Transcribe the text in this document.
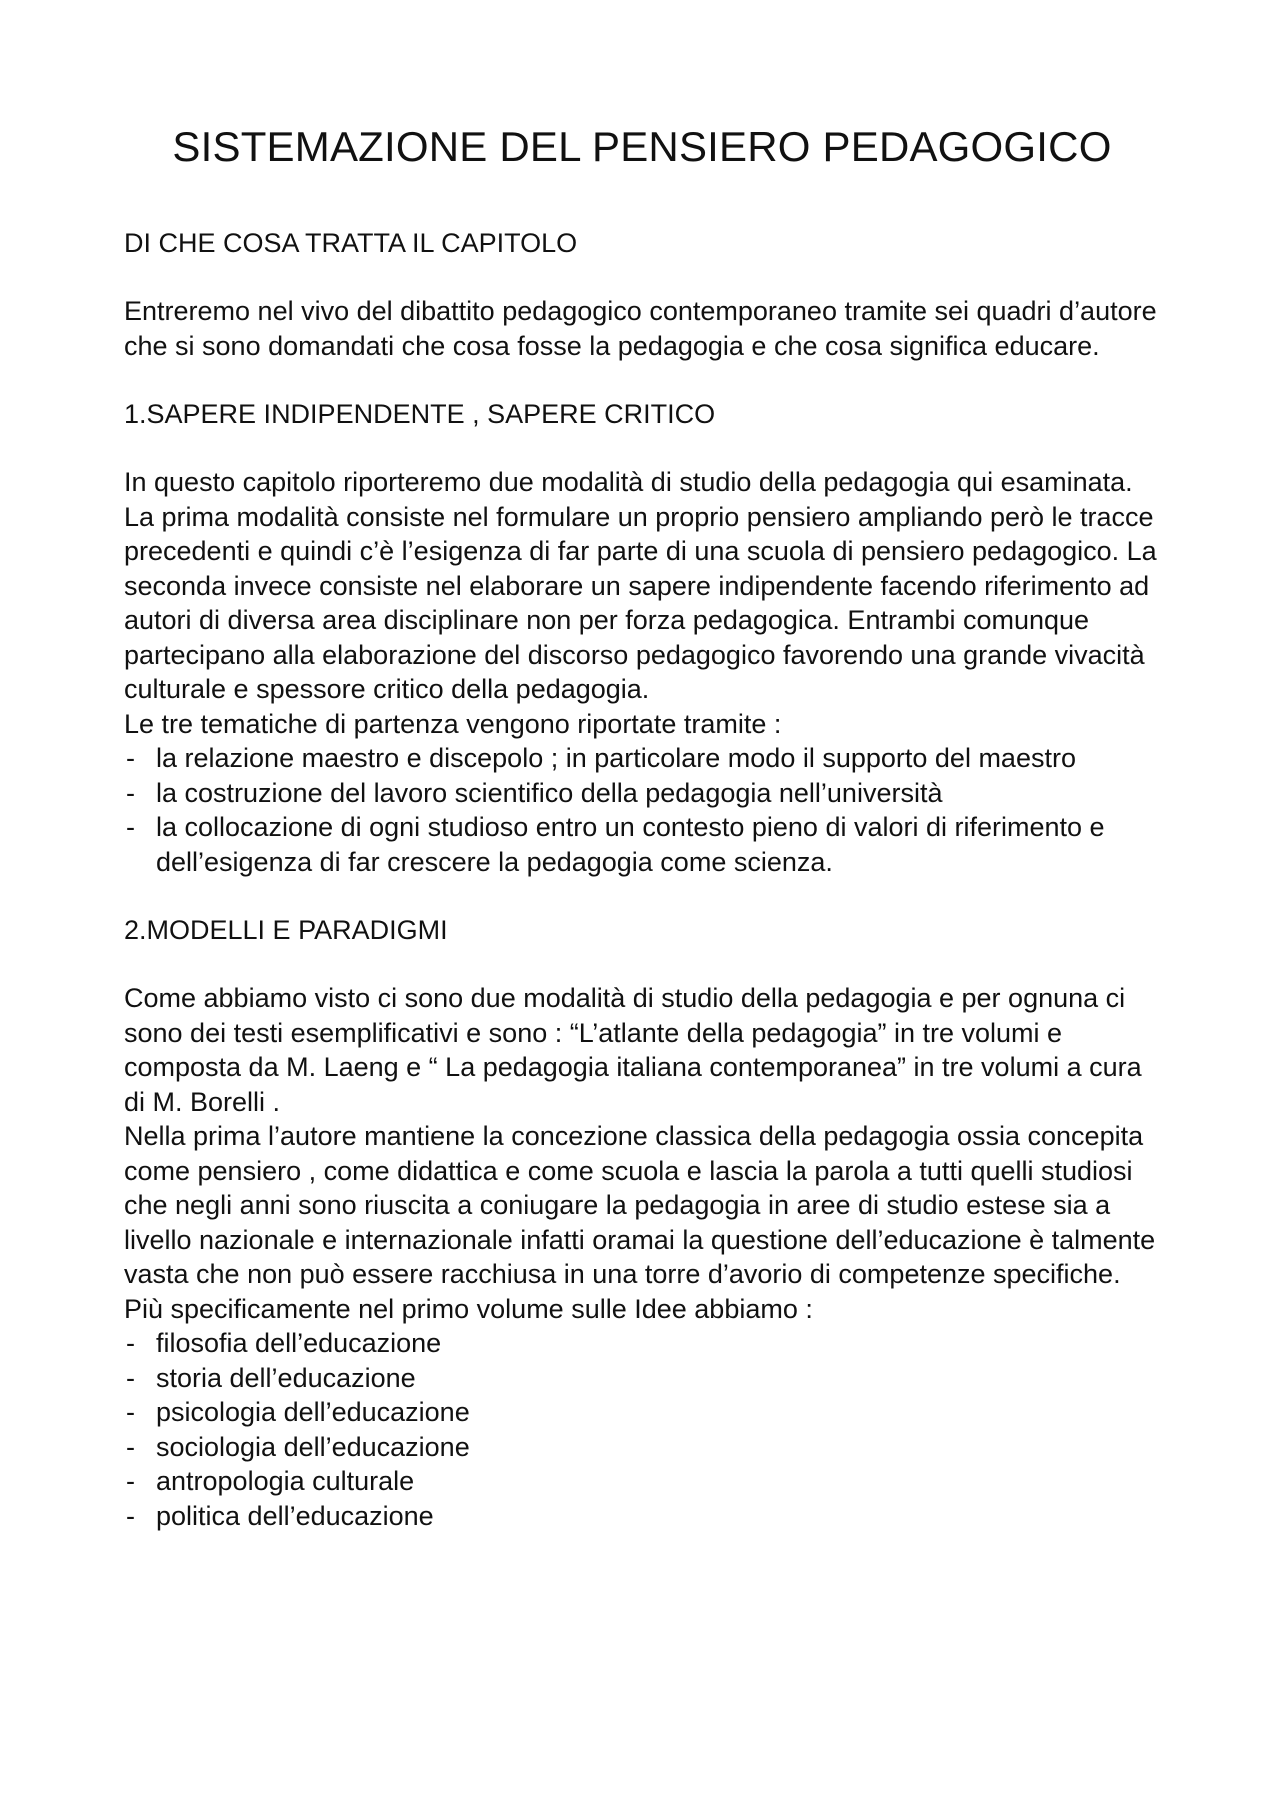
SISTEMAZIONE DEL PENSIERO PEDAGOGICO
DI CHE COSA TRATTA IL CAPITOLO

Entreremo nel vivo del dibattito pedagogico contemporaneo tramite sei quadri d’autore che si sono domandati che cosa fosse la pedagogia e che cosa significa educare.

1.SAPERE INDIPENDENTE , SAPERE CRITICO

In questo capitolo riporteremo due modalità di studio della pedagogia qui esaminata. La prima modalità consiste nel formulare un proprio pensiero ampliando però le tracce precedenti e quindi c’è l’esigenza di far parte di una scuola di pensiero pedagogico. La seconda invece consiste nel elaborare un sapere indipendente facendo riferimento ad autori di diversa area disciplinare non per forza pedagogica. Entrambi comunque partecipano alla elaborazione del discorso pedagogico favorendo una grande vivacità culturale e spessore critico della pedagogia.

Le tre tematiche di partenza vengono riportate tramite :

- la relazione maestro e discepolo ; in particolare modo il supporto del maestro
- la costruzione del lavoro scientifico della pedagogia nell’università
- la collocazione di ogni studioso entro un contesto pieno di valori di riferimento e dell’esigenza di far crescere la pedagogia come scienza.
2.MODELLI E PARADIGMI

Come abbiamo visto ci sono due modalità di studio della pedagogia e per ognuna ci sono dei testi esemplificativi e sono : “L’atlante della pedagogia” in tre volumi e composta da M. Laeng e “ La pedagogia italiana contemporanea” in tre volumi a cura di M. Borelli .

Nella prima l’autore mantiene la concezione classica della pedagogia ossia concepita come pensiero , come didattica e come scuola e lascia la parola a tutti quelli studiosi che negli anni sono riuscita a coniugare la pedagogia in aree di studio estese sia a livello nazionale e internazionale infatti oramai la questione dell’educazione è talmente vasta che non può essere racchiusa in una torre d’avorio di competenze specifiche. Più specificamente nel primo volume sulle Idee abbiamo :

- filosofia dell’educazione
- storia dell’educazione
- psicologia dell’educazione
- sociologia dell’educazione
- antropologia culturale
- politica dell’educazione
